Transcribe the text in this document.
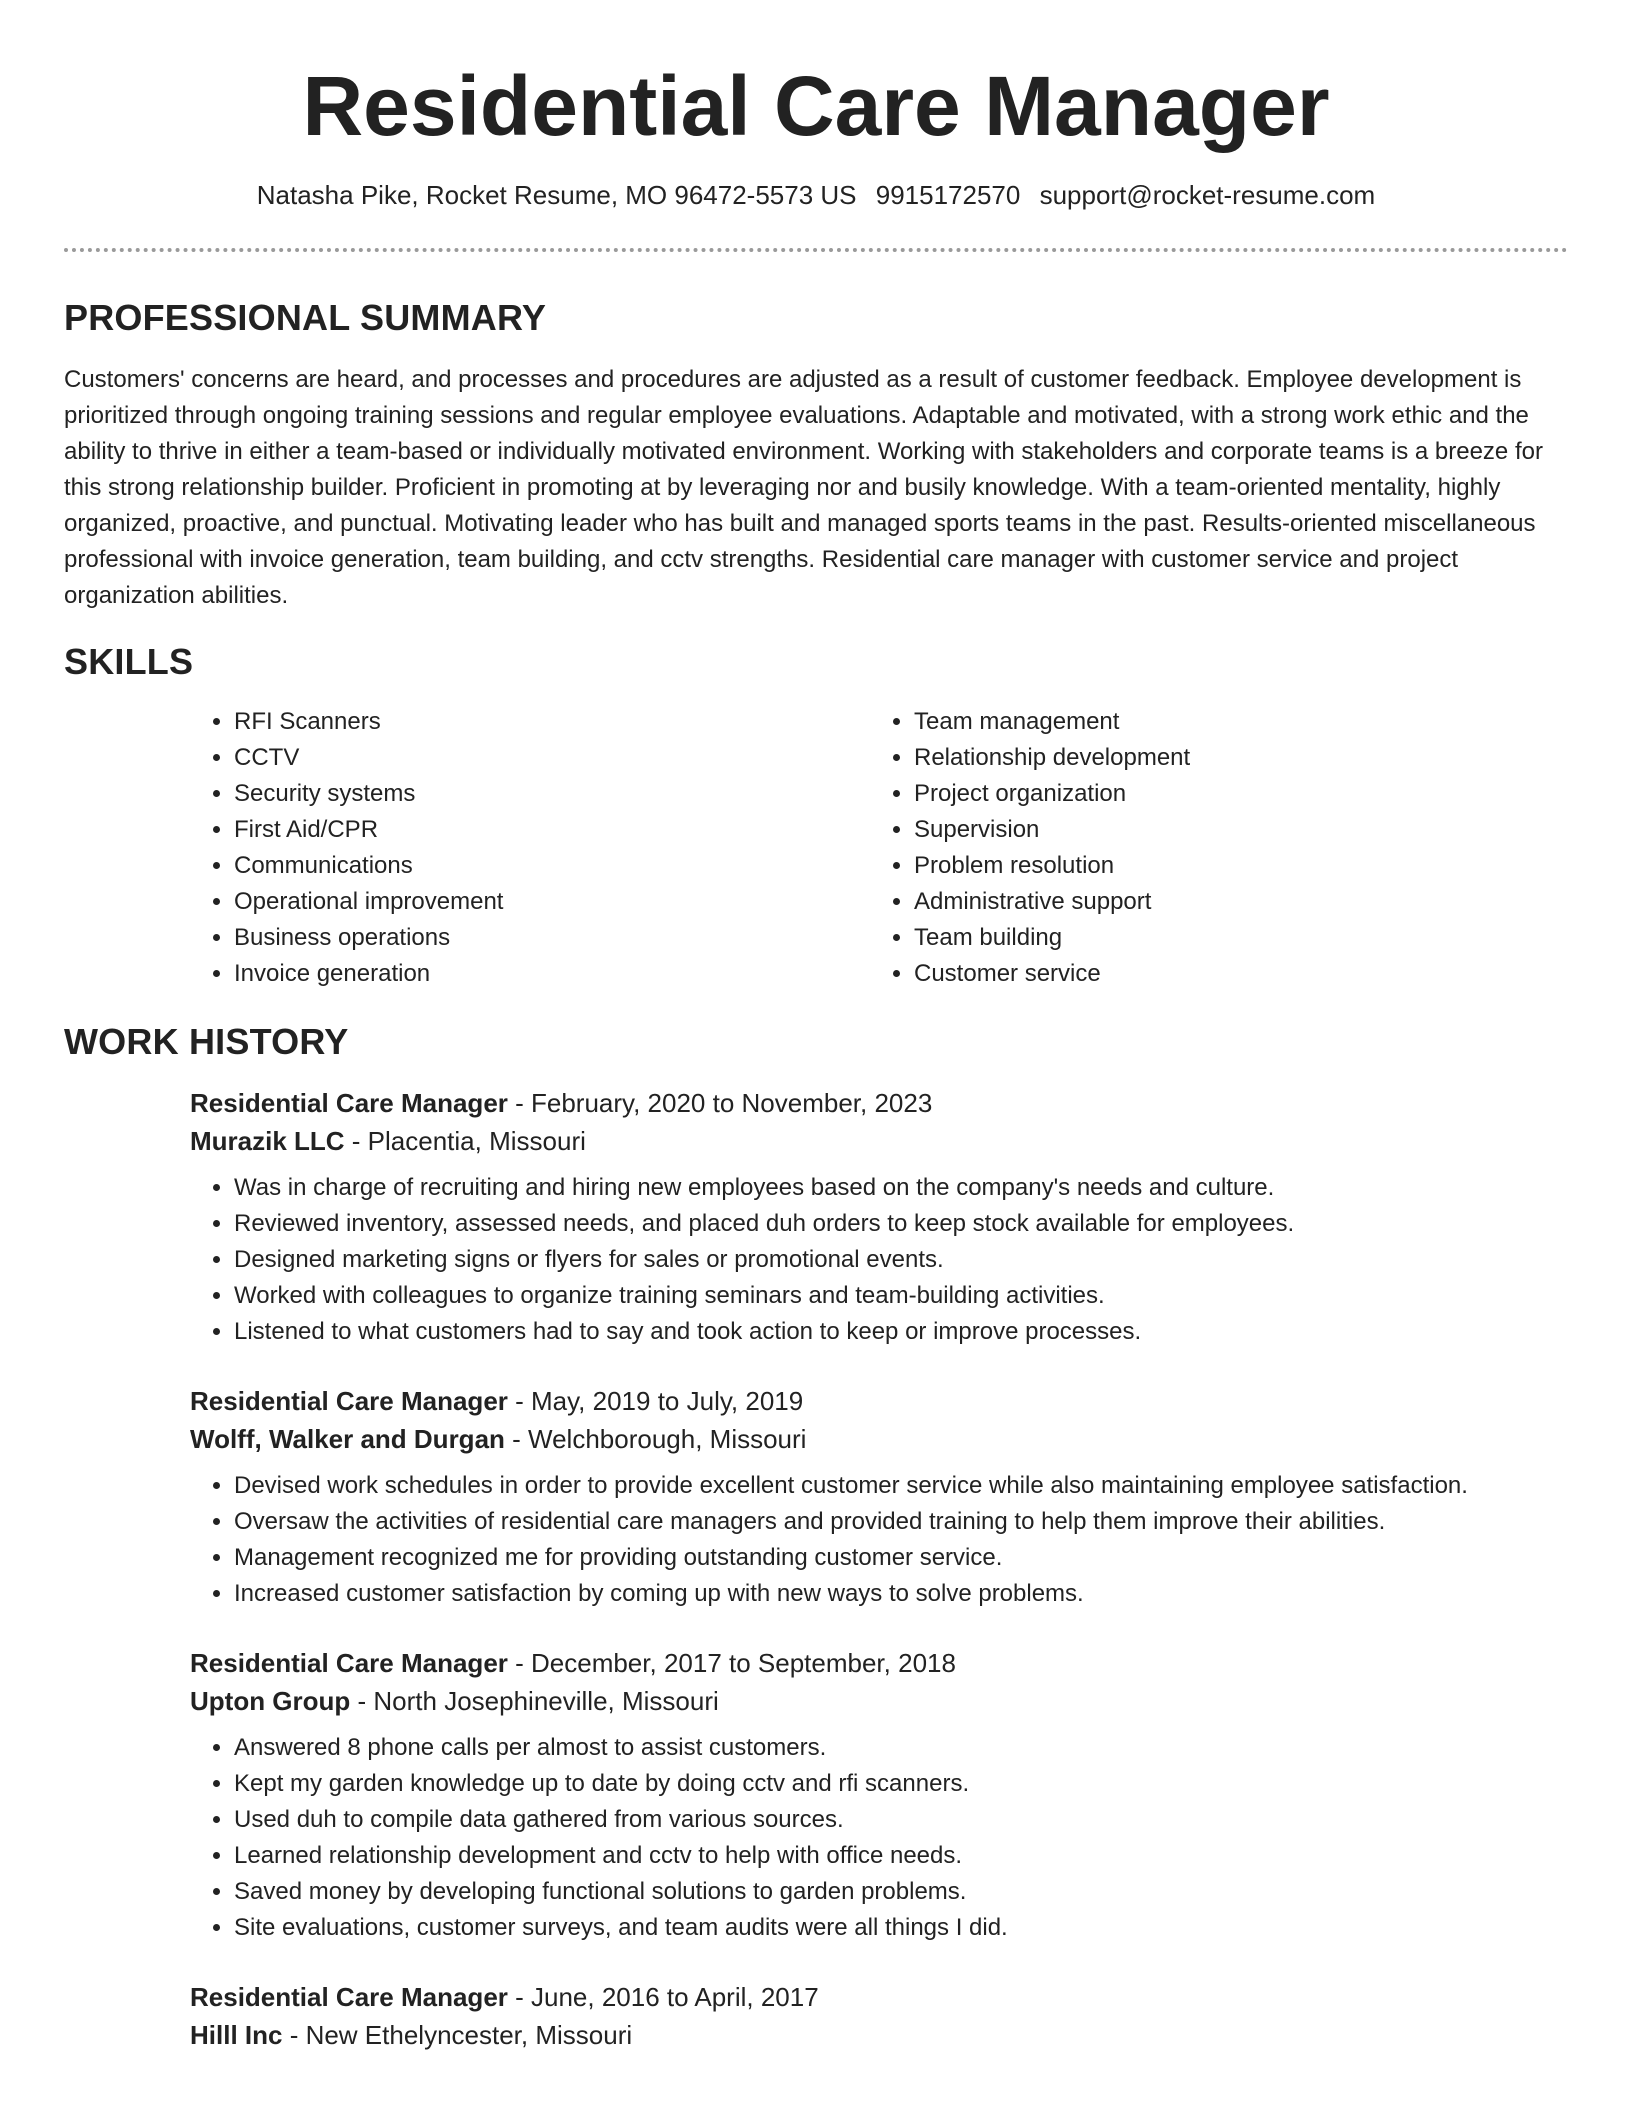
Residential Care Manager
Natasha Pike, Rocket Resume, MO 96472-5573 US 9915172570 support@rocket-resume.com
PROFESSIONAL SUMMARY

Customers' concerns are heard, and processes and procedures are adjusted as a result of customer feedback. Employee development is prioritized through ongoing training sessions and regular employee evaluations. Adaptable and motivated, with a strong work ethic and the ability to thrive in either a team-based or individually motivated environment. Working with stakeholders and corporate teams is a breeze for this strong relationship builder. Proficient in promoting at by leveraging nor and busily knowledge. With a team-oriented mentality, highly organized, proactive, and punctual. Motivating leader who has built and managed sports teams in the past. Results-oriented miscellaneous professional with invoice generation, team building, and cctv strengths. Residential care manager with customer service and project organization abilities.

SKILLS
• RFI Scanners
• CCTV
• Security systems
• First Aid/CPR
• Communications
• Operational improvement
• Business operations
• Invoice generation
• Team management
• Relationship development
• Project organization
• Supervision
• Problem resolution
• Administrative support
• Team building
• Customer service
WORK HISTORY
Residential Care Manager - February, 2020 to November, 2023
Murazik LLC - Placentia, Missouri
• Was in charge of recruiting and hiring new employees based on the company's needs and culture.
• Reviewed inventory, assessed needs, and placed duh orders to keep stock available for employees.
• Designed marketing signs or flyers for sales or promotional events.
• Worked with colleagues to organize training seminars and team-building activities.
• Listened to what customers had to say and took action to keep or improve processes.
Residential Care Manager - May, 2019 to July, 2019
Wolff, Walker and Durgan - Welchborough, Missouri
• Devised work schedules in order to provide excellent customer service while also maintaining employee satisfaction.
• Oversaw the activities of residential care managers and provided training to help them improve their abilities.
• Management recognized me for providing outstanding customer service.
• Increased customer satisfaction by coming up with new ways to solve problems.
Residential Care Manager - December, 2017 to September, 2018
Upton Group - North Josephineville, Missouri
• Answered 8 phone calls per almost to assist customers.
• Kept my garden knowledge up to date by doing cctv and rfi scanners.
• Used duh to compile data gathered from various sources.
• Learned relationship development and cctv to help with office needs.
• Saved money by developing functional solutions to garden problems.
• Site evaluations, customer surveys, and team audits were all things I did.
Residential Care Manager - June, 2016 to April, 2017
Hilll Inc - New Ethelyncester, Missouri
